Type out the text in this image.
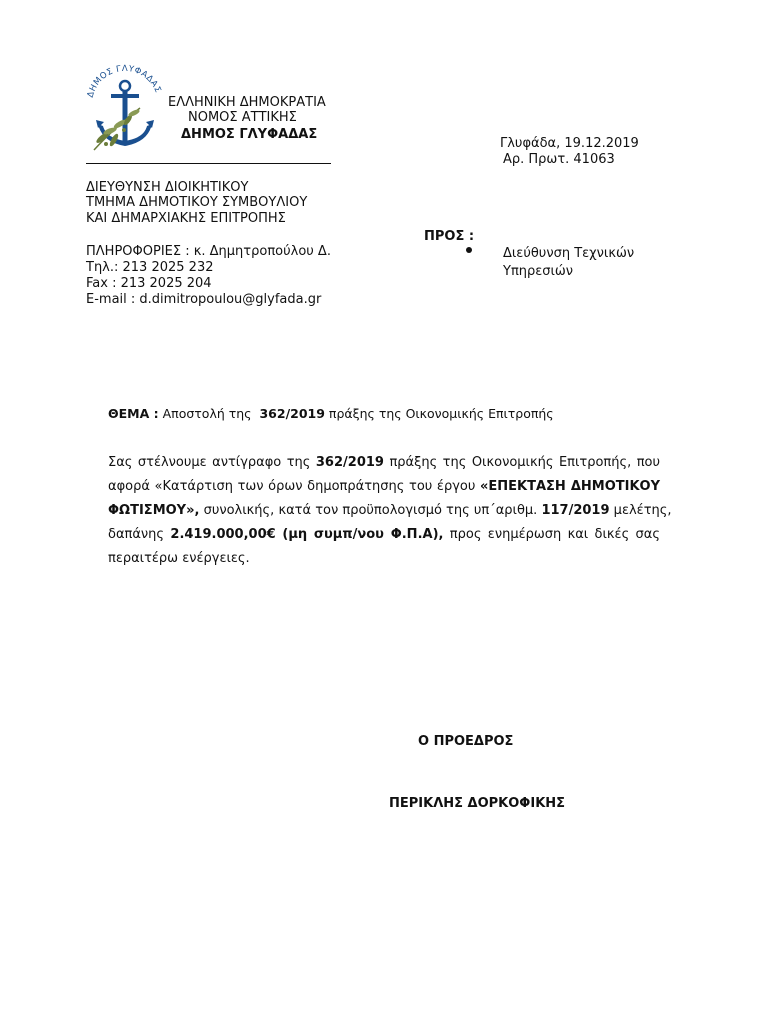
ΔΗΜΟΣ ΓΛΥΦΑΔΑΣ
ΕΛΛΗΝΙΚΗ ΔΗΜΟΚΡΑΤΙΑ
ΝΟΜΟΣ ΑΤΤΙΚΗΣ
ΔΗΜΟΣ ΓΛΥΦΑΔΑΣ
Γλυφάδα, 19.12.2019
Αρ. Πρωτ. 41063
ΔΙΕΥΘΥΝΣΗ ΔΙΟΙΚΗΤΙΚΟΥ
ΤΜΗΜΑ ΔΗΜΟΤΙΚΟΥ ΣΥΜΒΟΥΛΙΟΥ
ΚΑΙ ΔΗΜΑΡΧΙΑΚΗΣ ΕΠΙΤΡΟΠΗΣ
ΠΛΗΡΟΦΟΡΙΕΣ : κ. Δημητροπούλου Δ.
Τηλ.: 213 2025 232
Fax : 213 2025 204
E-mail : d.dimitropoulou@glyfada.gr
ΠΡΟΣ :
Διεύθυνση Τεχνικών
Υπηρεσιών
ΘΕΜΑ : Αποστολή της 362/2019 πράξης της Οικονομικής Επιτροπής
Σας στέλνουμε αντίγραφο της 362/2019 πράξης της Οικονομικής Επιτροπής, που
αφορά «Κατάρτιση των όρων δημοπράτησης του έργου «ΕΠΕΚΤΑΣΗ ΔΗΜΟΤΙΚΟΥ
ΦΩΤΙΣΜΟΥ», συνολικής, κατά τον προϋπολογισμό της υπ΄αριθμ. 117/2019 μελέτης,
δαπάνης 2.419.000,00€ (μη συμπ/νου Φ.Π.Α), προς ενημέρωση και δικές σας
περαιτέρω ενέργειες.
Ο ΠΡΟΕΔΡΟΣ
ΠΕΡΙΚΛΗΣ ΔΟΡΚΟΦΙΚΗΣ
